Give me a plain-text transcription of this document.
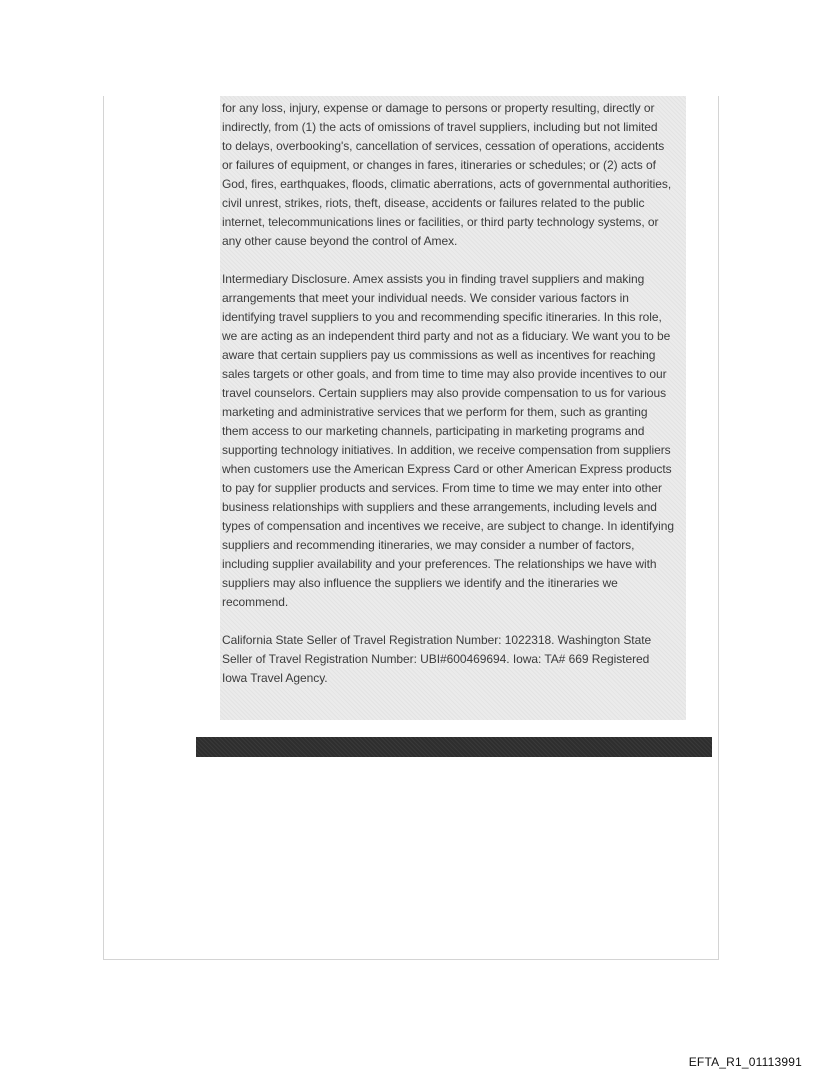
for any loss, injury, expense or damage to persons or property resulting, directly or
indirectly, from (1) the acts of omissions of travel suppliers, including but not limited
to delays, overbooking's, cancellation of services, cessation of operations, accidents
or failures of equipment, or changes in fares, itineraries or schedules; or (2) acts of
God, fires, earthquakes, floods, climatic aberrations, acts of governmental authorities,
civil unrest, strikes, riots, theft, disease, accidents or failures related to the public
internet, telecommunications lines or facilities, or third party technology systems, or
any other cause beyond the control of Amex.

Intermediary Disclosure. Amex assists you in finding travel suppliers and making
arrangements that meet your individual needs. We consider various factors in
identifying travel suppliers to you and recommending specific itineraries. In this role,
we are acting as an independent third party and not as a fiduciary. We want you to be
aware that certain suppliers pay us commissions as well as incentives for reaching
sales targets or other goals, and from time to time may also provide incentives to our
travel counselors. Certain suppliers may also provide compensation to us for various
marketing and administrative services that we perform for them, such as granting
them access to our marketing channels, participating in marketing programs and
supporting technology initiatives. In addition, we receive compensation from suppliers
when customers use the American Express Card or other American Express products
to pay for supplier products and services. From time to time we may enter into other
business relationships with suppliers and these arrangements, including levels and
types of compensation and incentives we receive, are subject to change. In identifying
suppliers and recommending itineraries, we may consider a number of factors,
including supplier availability and your preferences. The relationships we have with
suppliers may also influence the suppliers we identify and the itineraries we
recommend.

California State Seller of Travel Registration Number: 1022318. Washington State
Seller of Travel Registration Number: UBI#600469694. Iowa: TA# 669 Registered
Iowa Travel Agency.

EFTA_R1_01113991
